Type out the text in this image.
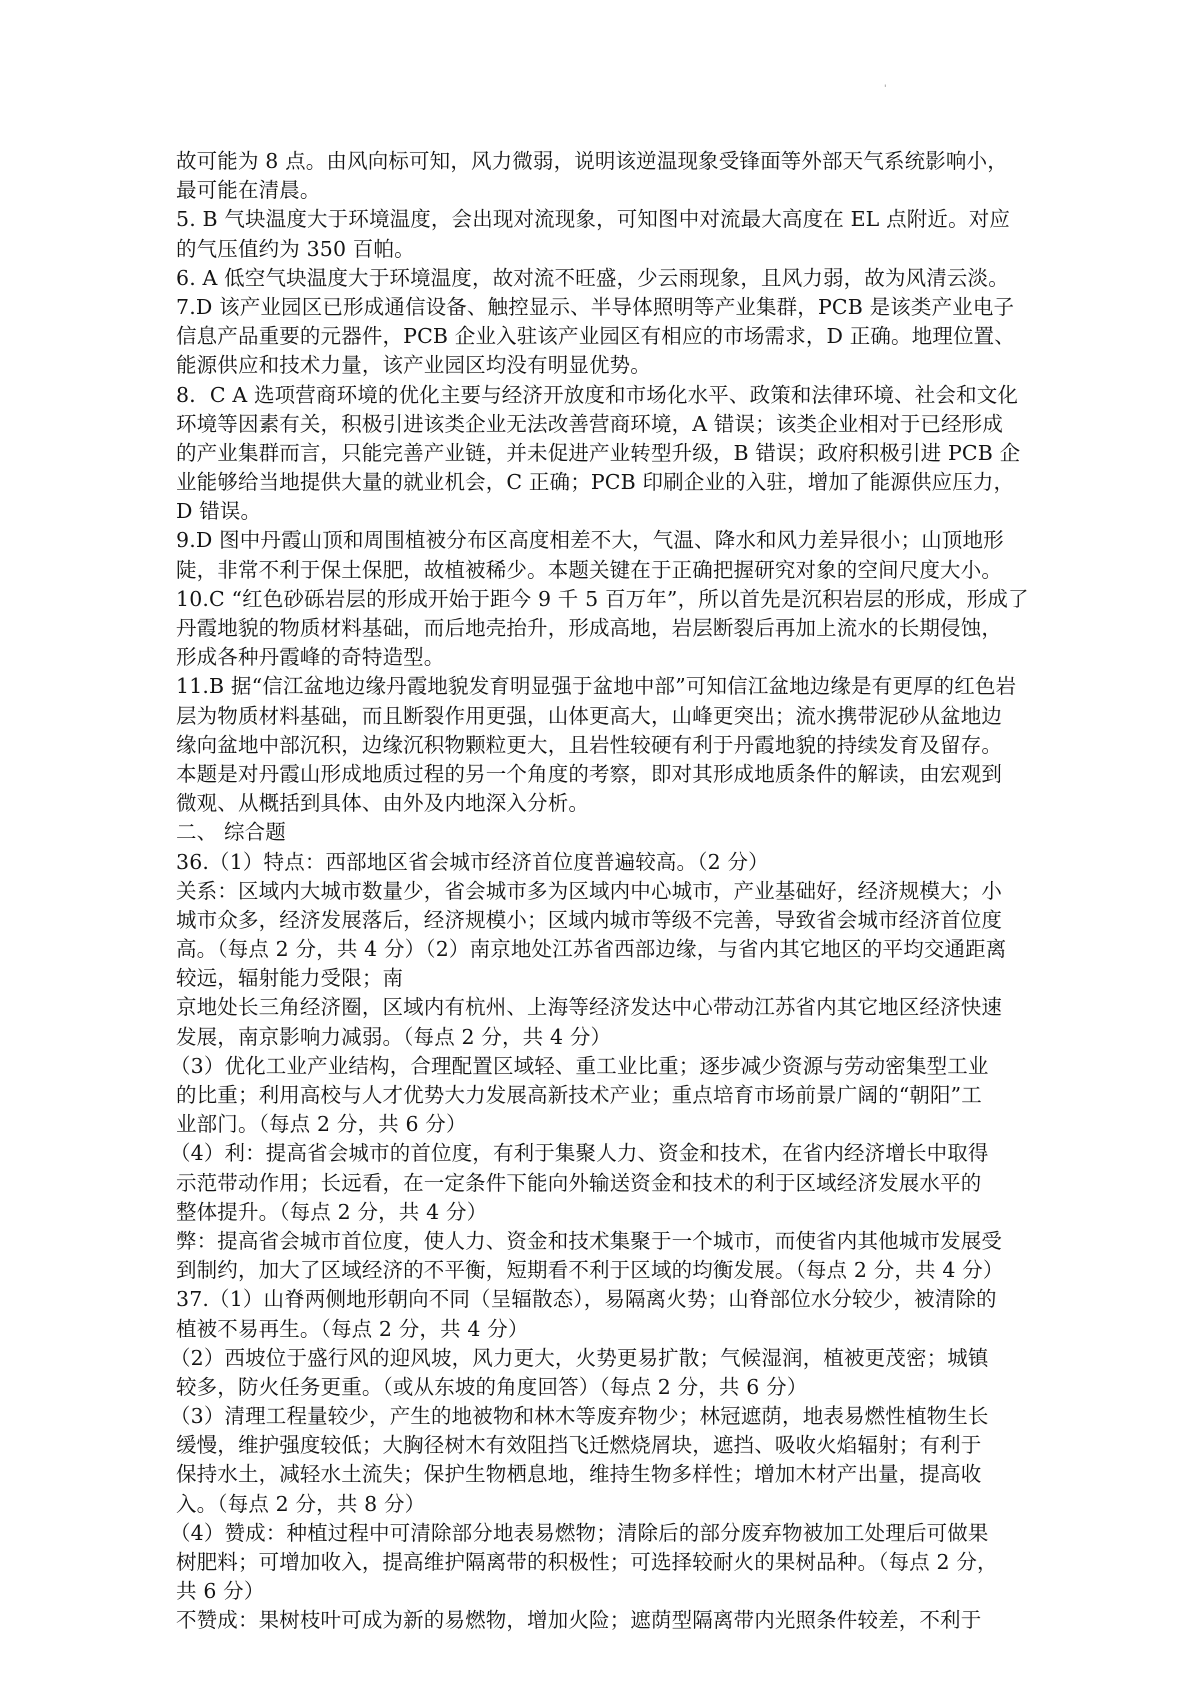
'
故可能为 8 点。由风向标可知，风力微弱，说明该逆温现象受锋面等外部天气系统影响小，
最可能在清晨。
5. B 气块温度大于环境温度，会出现对流现象，可知图中对流最大高度在 EL 点附近。对应
的气压值约为 350 百帕。
6. A 低空气块温度大于环境温度，故对流不旺盛，少云雨现象，且风力弱，故为风清云淡。
7.D 该产业园区已形成通信设备、触控显示、半导体照明等产业集群，PCB 是该类产业电子
信息产品重要的元器件，PCB 企业入驻该产业园区有相应的市场需求，D 正确。地理位置、
能源供应和技术力量，该产业园区均没有明显优势。
8．C A 选项营商环境的优化主要与经济开放度和市场化水平、政策和法律环境、社会和文化
环境等因素有关，积极引进该类企业无法改善营商环境，A 错误；该类企业相对于已经形成
的产业集群而言，只能完善产业链，并未促进产业转型升级，B 错误；政府积极引进 PCB 企
业能够给当地提供大量的就业机会，C 正确；PCB 印刷企业的入驻，增加了能源供应压力，
D 错误。
9.D 图中丹霞山顶和周围植被分布区高度相差不大，气温、降水和风力差异很小；山顶地形
陡，非常不利于保土保肥，故植被稀少。本题关键在于正确把握研究对象的空间尺度大小。
10.C “红色砂砾岩层的形成开始于距今 9 千 5 百万年”，所以首先是沉积岩层的形成，形成了
丹霞地貌的物质材料基础，而后地壳抬升，形成高地，岩层断裂后再加上流水的长期侵蚀，
形成各种丹霞峰的奇特造型。
11.B 据“信江盆地边缘丹霞地貌发育明显强于盆地中部”可知信江盆地边缘是有更厚的红色岩
层为物质材料基础，而且断裂作用更强，山体更高大，山峰更突出；流水携带泥砂从盆地边
缘向盆地中部沉积，边缘沉积物颗粒更大，且岩性较硬有利于丹霞地貌的持续发育及留存。
本题是对丹霞山形成地质过程的另一个角度的考察，即对其形成地质条件的解读，由宏观到
微观、从概括到具体、由外及内地深入分析。
二、 综合题
36.（1）特点：西部地区省会城市经济首位度普遍较高。（2 分）
关系：区域内大城市数量少，省会城市多为区域内中心城市，产业基础好，经济规模大；小
城市众多，经济发展落后，经济规模小；区域内城市等级不完善，导致省会城市经济首位度
高。（每点 2 分，共 4 分）（2）南京地处江苏省西部边缘，与省内其它地区的平均交通距离
较远，辐射能力受限；南
京地处长三角经济圈，区域内有杭州、上海等经济发达中心带动江苏省内其它地区经济快速
发展，南京影响力减弱。（每点 2 分，共 4 分）
（3）优化工业产业结构，合理配置区域轻、重工业比重；逐步减少资源与劳动密集型工业
的比重；利用高校与人才优势大力发展高新技术产业；重点培育市场前景广阔的“朝阳”工
业部门。（每点 2 分，共 6 分）
（4）利：提高省会城市的首位度，有利于集聚人力、资金和技术，在省内经济增长中取得
示范带动作用；长远看，在一定条件下能向外输送资金和技术的利于区域经济发展水平的
整体提升。（每点 2 分，共 4 分）
弊：提高省会城市首位度，使人力、资金和技术集聚于一个城市，而使省内其他城市发展受
到制约，加大了区域经济的不平衡，短期看不利于区域的均衡发展。（每点 2 分，共 4 分）
37.（1）山脊两侧地形朝向不同（呈辐散态），易隔离火势；山脊部位水分较少，被清除的
植被不易再生。（每点 2 分，共 4 分）
（2）西坡位于盛行风的迎风坡，风力更大，火势更易扩散；气候湿润，植被更茂密；城镇
较多，防火任务更重。（或从东坡的角度回答）（每点 2 分，共 6 分）
（3）清理工程量较少，产生的地被物和林木等废弃物少；林冠遮荫，地表易燃性植物生长
缓慢，维护强度较低；大胸径树木有效阻挡飞迁燃烧屑块，遮挡、吸收火焰辐射；有利于
保持水土，减轻水土流失；保护生物栖息地，维持生物多样性；增加木材产出量，提高收
入。（每点 2 分，共 8 分）
（4）赞成：种植过程中可清除部分地表易燃物；清除后的部分废弃物被加工处理后可做果
树肥料；可增加收入，提高维护隔离带的积极性；可选择较耐火的果树品种。（每点 2 分，
共 6 分）
不赞成：果树枝叶可成为新的易燃物，增加火险；遮荫型隔离带内光照条件较差，不利于
